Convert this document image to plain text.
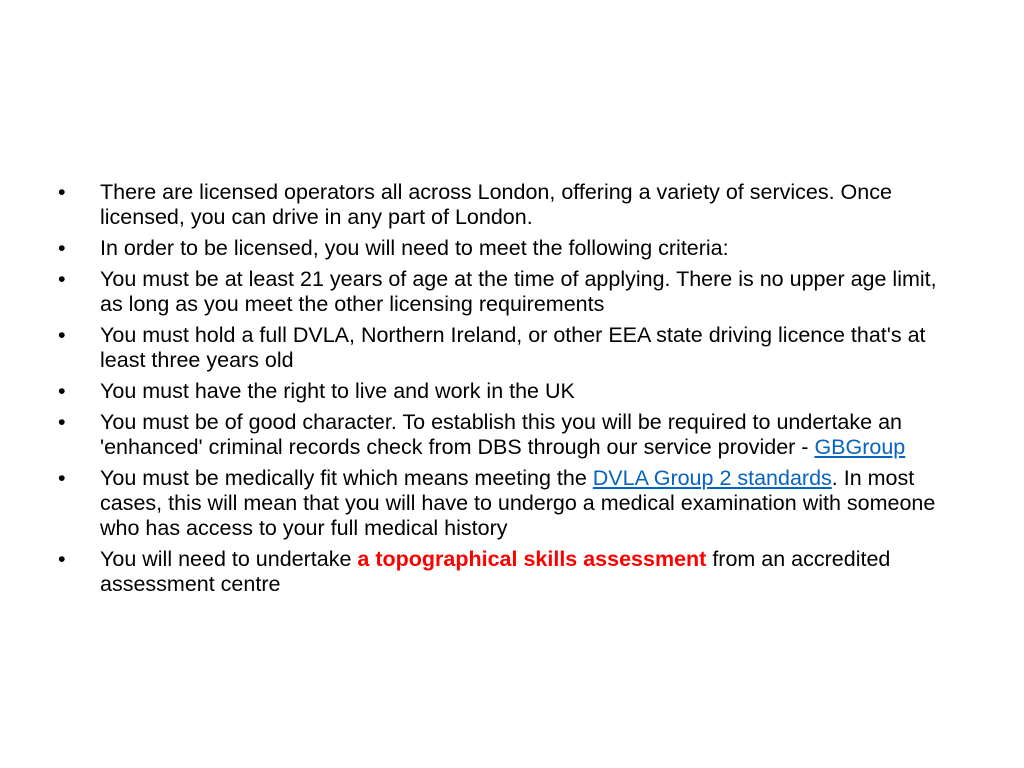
•	There are licensed operators all across London, offering a variety of services. Once licensed, you can drive in any part of London.
•	In order to be licensed, you will need to meet the following criteria:
•	You must be at least 21 years of age at the time of applying. There is no upper age limit, as long as you meet the other licensing requirements
•	You must hold a full DVLA, Northern Ireland, or other EEA state driving licence that's at least three years old
•	You must have the right to live and work in the UK
•	You must be of good character. To establish this you will be required to undertake an 'enhanced' criminal records check from DBS through our service provider - GBGroup
•	You must be medically fit which means meeting the DVLA Group 2 standards. In most cases, this will mean that you will have to undergo a medical examination with someone who has access to your full medical history
•	You will need to undertake a topographical skills assessment from an accredited assessment centre
